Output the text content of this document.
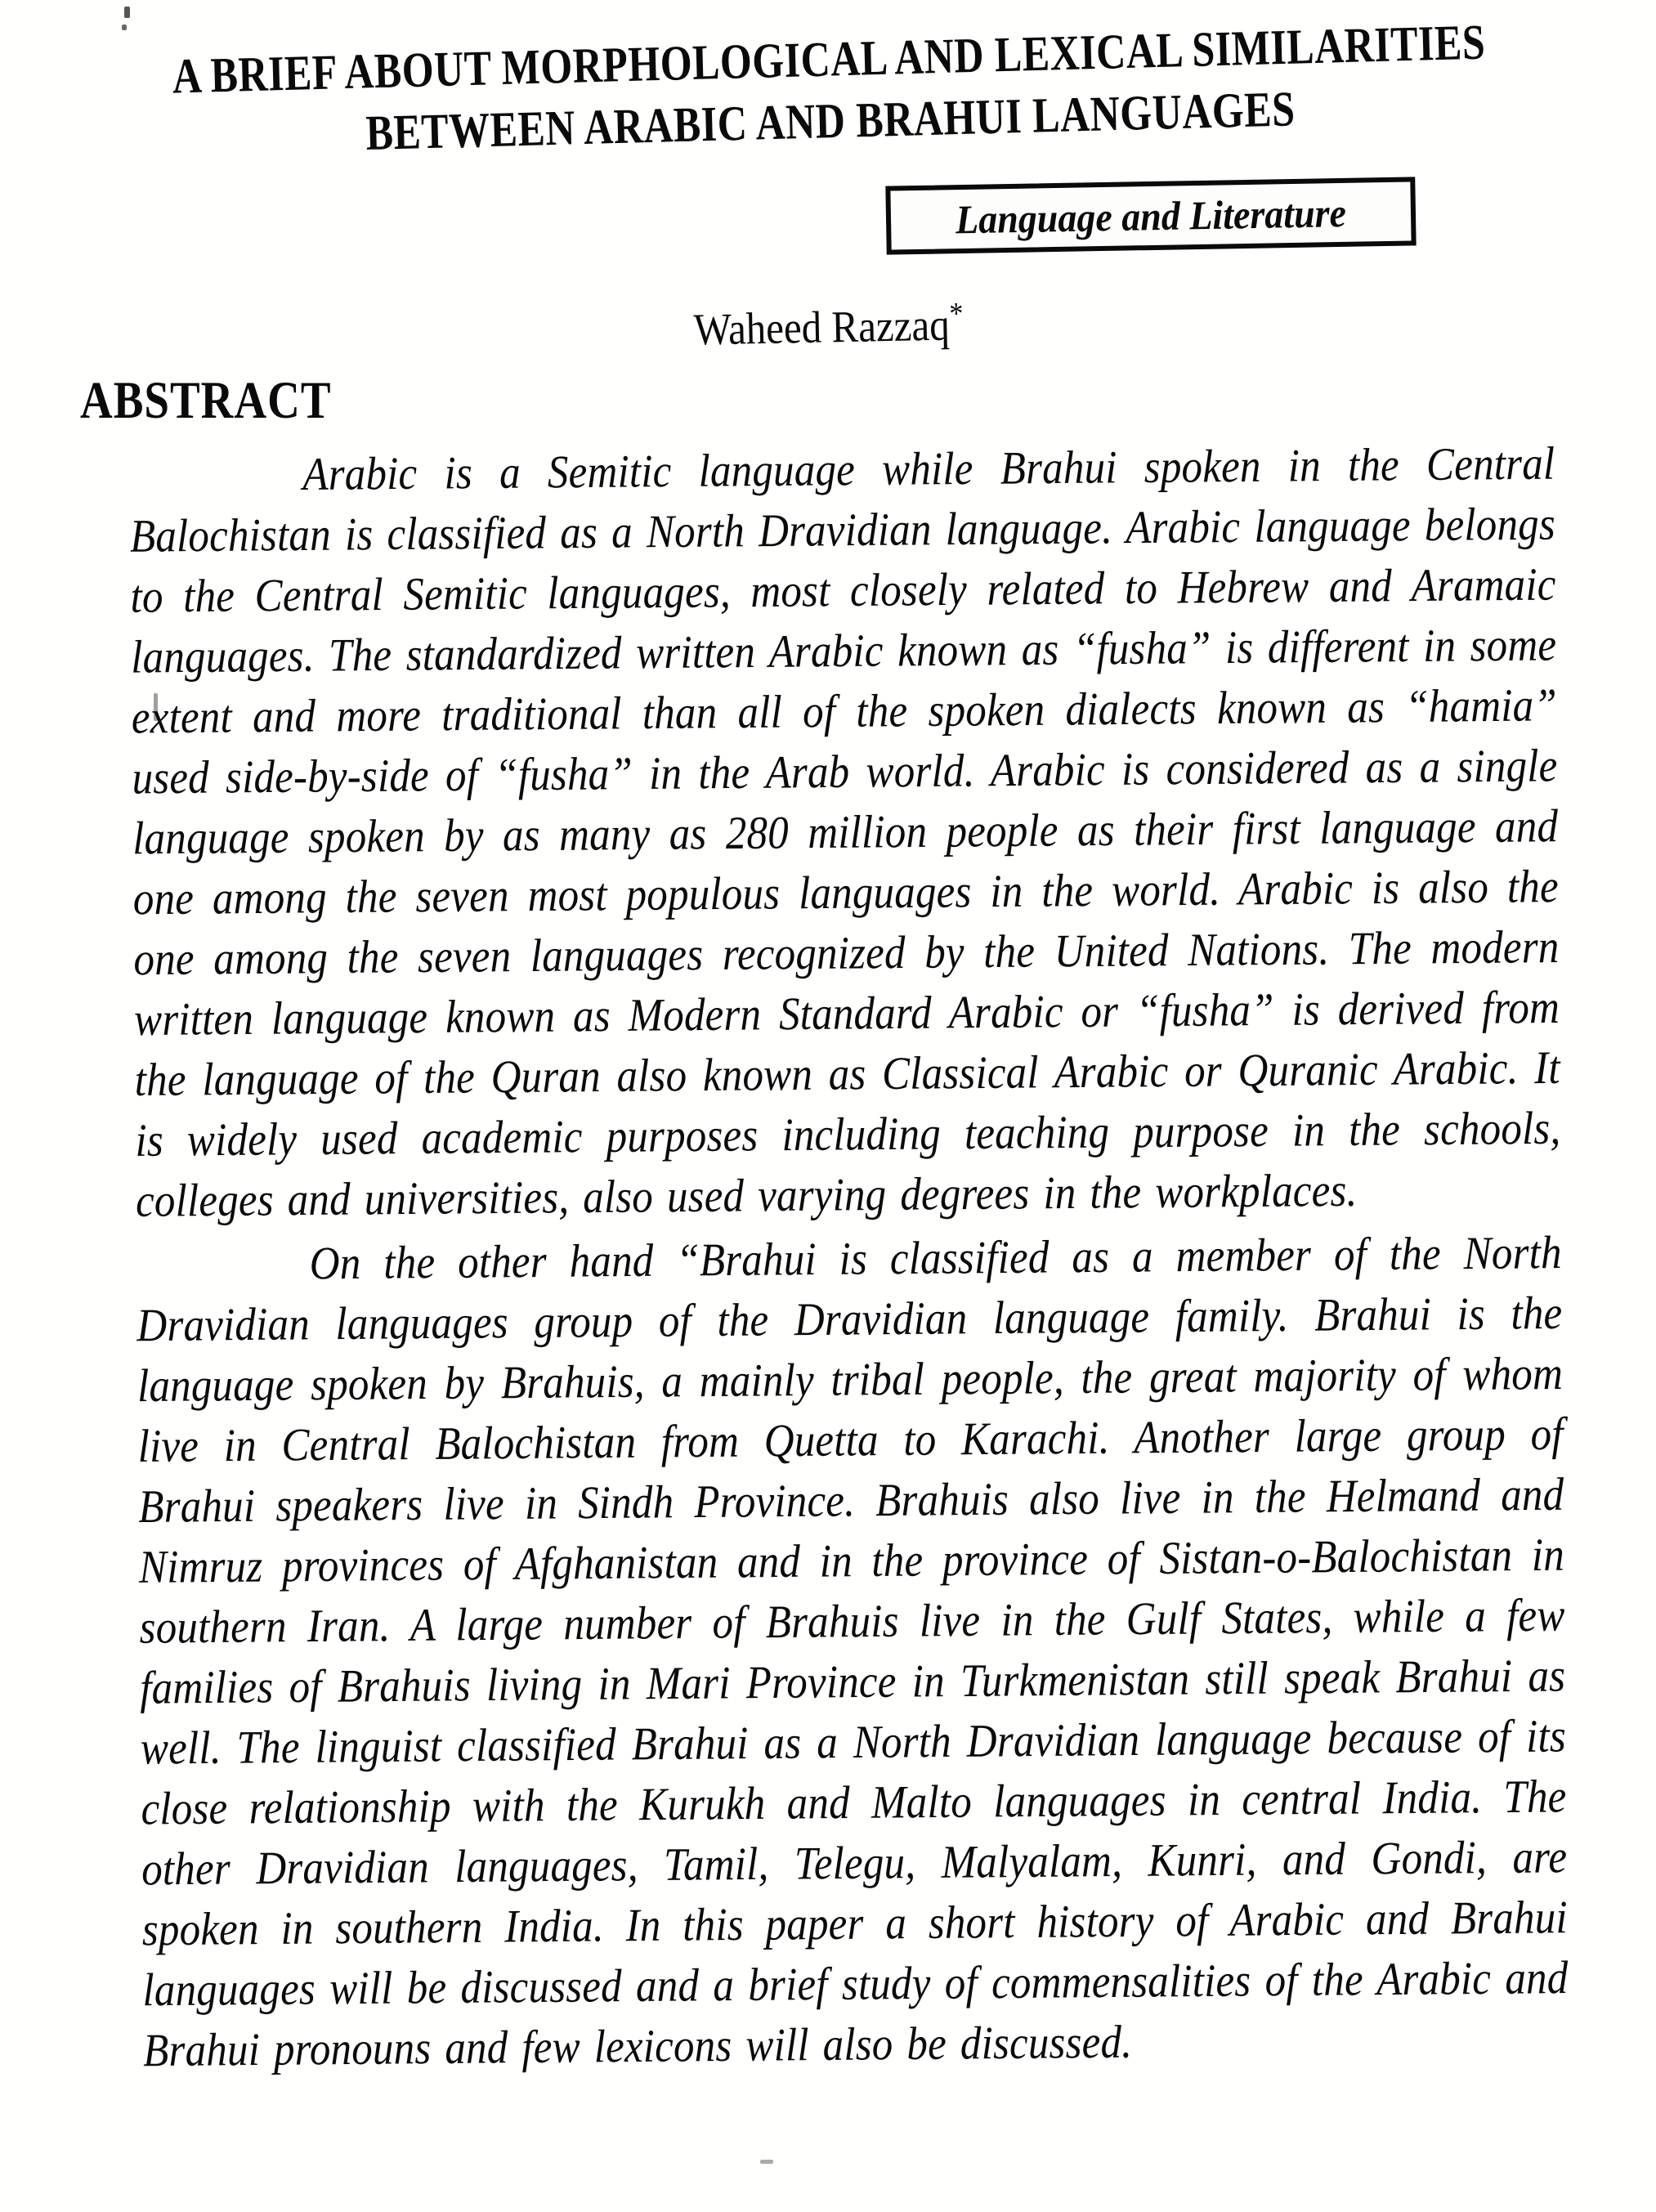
A BRIEF ABOUT MORPHOLOGICAL AND LEXICAL SIMILARITIES
BETWEEN ARABIC AND BRAHUI LANGUAGES
Language and Literature
Waheed Razzaq*
ABSTRACT

Arabic is a Semitic language while Brahui spoken in the Central Balochistan is classified as a North Dravidian language. Arabic language belongs to the Central Semitic languages, most closely related to Hebrew and Aramaic languages. The standardized written Arabic known as “fusha” is different in some extent and more traditional than all of the spoken dialects known as “hamia” used side-by-side of “fusha” in the Arab world. Arabic is considered as a single language spoken by as many as 280 million people as their first language and one among the seven most populous languages in the world. Arabic is also the one among the seven languages recognized by the United Nations. The modern written language known as Modern Standard Arabic or “fusha” is derived from the language of the Quran also known as Classical Arabic or Quranic Arabic. It is widely used academic purposes including teaching purpose in the schools, colleges and universities, also used varying degrees in the workplaces.

On the other hand “Brahui is classified as a member of the North Dravidian languages group of the Dravidian language family. Brahui is the language spoken by Brahuis, a mainly tribal people, the great majority of whom live in Central Balochistan from Quetta to Karachi. Another large group of Brahui speakers live in Sindh Province. Brahuis also live in the Helmand and Nimruz provinces of Afghanistan and in the province of Sistan-o-Balochistan in southern Iran. A large number of Brahuis live in the Gulf States, while a few families of Brahuis living in Mari Province in Turkmenistan still speak Brahui as well. The linguist classified Brahui as a North Dravidian language because of its close relationship with the Kurukh and Malto languages in central India. The other Dravidian languages, Tamil, Telegu, Malyalam, Kunri, and Gondi, are spoken in southern India. In this paper a short history of Arabic and Brahui languages will be discussed and a brief study of commensalities of the Arabic and Brahui pronouns and few lexicons will also be discussed.
